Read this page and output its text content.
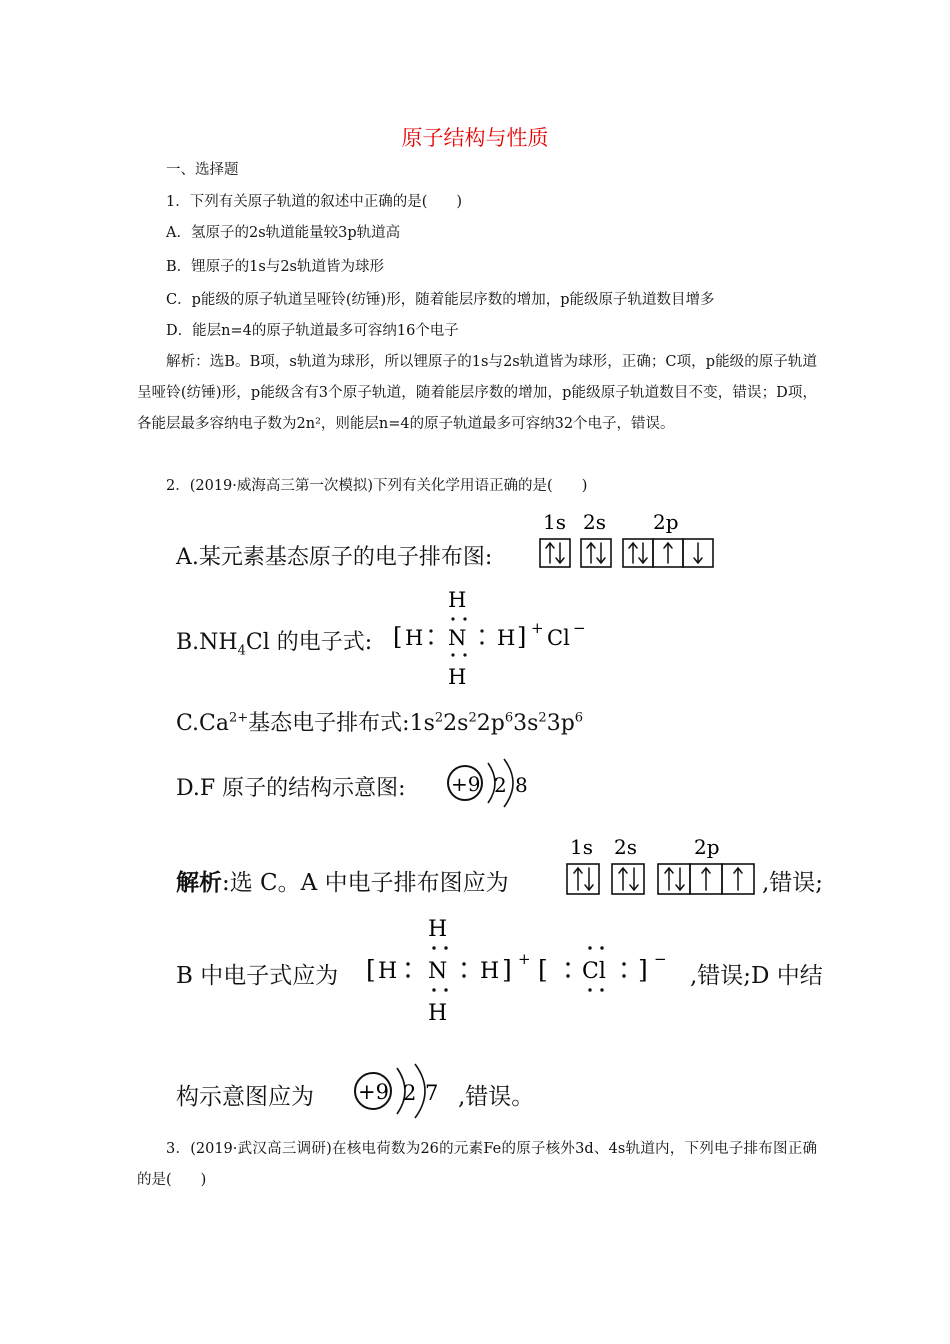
原子结构与性质
一、选择题
1．下列有关原子轨道的叙述中正确的是(　　)
A．氢原子的2s轨道能量较3p轨道高
B．锂原子的1s与2s轨道皆为球形
C．p能级的原子轨道呈哑铃(纺锤)形，随着能层序数的增加，p能级原子轨道数目增多
D．能层n=4的原子轨道最多可容纳16个电子
解析：选B。B项，s轨道为球形，所以锂原子的1s与2s轨道皆为球形，正确；C项，p能级的原子轨道呈哑铃(纺锤)形，p能级含有3个原子轨道，随着能层序数的增加，p能级原子轨道数目不变，错误；D项，各能层最多容纳电子数为2n²，则能层n=4的原子轨道最多可容纳32个电子，错误。
2．(2019·威海高三第一次模拟)下列有关化学用语正确的是(　　)
A.某元素基态原子的电子排布图:
1s 2s 2p
$B.NH_4Cl$ 的电子式: [ H
H
N
H
H ] + Cl −
$C.Ca^{2+}$基态电子排布式$:1s^22s^22p^63s^23p^6$
D.F 原子的结构示意图: +9 2 8
解析:选 C。A 中电子排布图应为
1s 2s	2p
,错误;
B 中电子式应为 [ H
H
N
H
H ] + [ Cl ] −
,错误;D 中结
构示意图应为 +9 2 7 ,错误。
3．(2019·武汉高三调研)在核电荷数为26的元素Fe的原子核外3d、4s轨道内，下列电子排布图正确的是(　　)
